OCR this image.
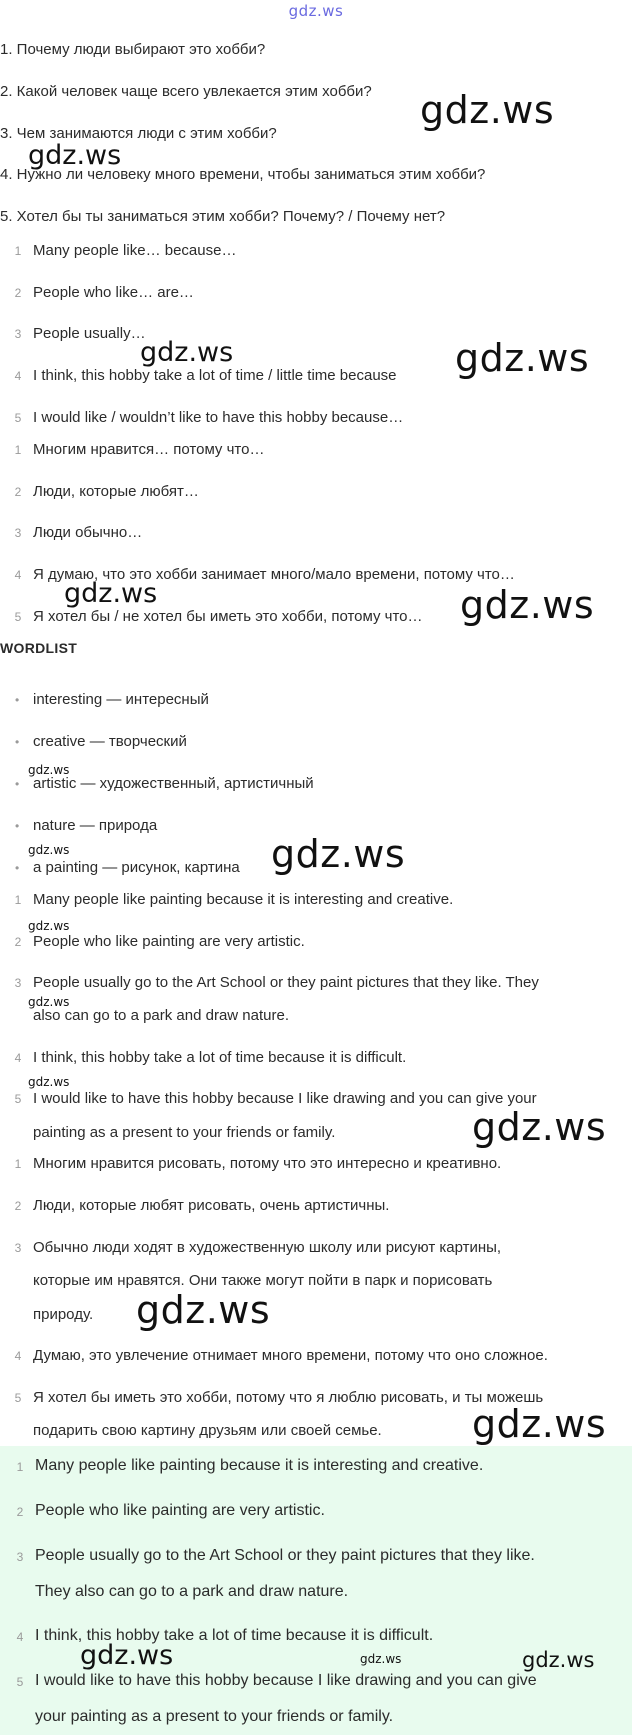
gdz.ws
1. Почему люди выбирают это хобби?
2. Какой человек чаще всего увлекается этим хобби?
3. Чем занимаются люди с этим хобби?
4. Нужно ли человеку много времени, чтобы заниматься этим хобби?
5. Хотел бы ты заниматься этим хобби? Почему? / Почему нет?
1 Many people like… because…
2 People who like… are…
3 People usually…
4 I think, this hobby take a lot of time / little time because
5 I would like / wouldn’t like to have this hobby because…
1 Многим нравится… потому что…
2 Люди, которые любят…
3 Люди обычно…
4 Я думаю, что это хобби занимает много/мало времени, потому что…
5 Я хотел бы / не хотел бы иметь это хобби, потому что…
WORDLIST
• interesting — интересный
• creative — творческий
• artistic — художественный, артистичный
• nature — природа
• a painting — рисунок, картина
1 Many people like painting because it is interesting and creative.
2 People who like painting are very artistic.
3 People usually go to the Art School or they paint pictures that they like. They
also can go to a park and draw nature.
4 I think, this hobby take a lot of time because it is difficult.
5 I would like to have this hobby because I like drawing and you can give your
painting as a present to your friends or family.
1 Многим нравится рисовать, потому что это интересно и креативно.
2 Люди, которые любят рисовать, очень артистичны.
3 Обычно люди ходят в художественную школу или рисуют картины,
которые им нравятся. Они также могут пойти в парк и порисовать
природу.
4 Думаю, это увлечение отнимает много времени, потому что оно сложное.
5 Я хотел бы иметь это хобби, потому что я люблю рисовать, и ты можешь
подарить свою картину друзьям или своей семье.
1 Many people like painting because it is interesting and creative.
2 People who like painting are very artistic.
3 People usually go to the Art School or they paint pictures that they like.
They also can go to a park and draw nature.
4 I think, this hobby take a lot of time because it is difficult.
5 I would like to have this hobby because I like drawing and you can give
your painting as a present to your friends or family.
gdz.ws
gdz.ws
gdz.ws	gdz.ws
gdz.ws	gdz.ws
gdz.ws
gdz.ws	gdz.ws
gdz.ws
gdz.ws
gdz.ws
gdz.ws
gdz.ws
gdz.ws
gdz.ws	gdz.ws	gdz.ws
